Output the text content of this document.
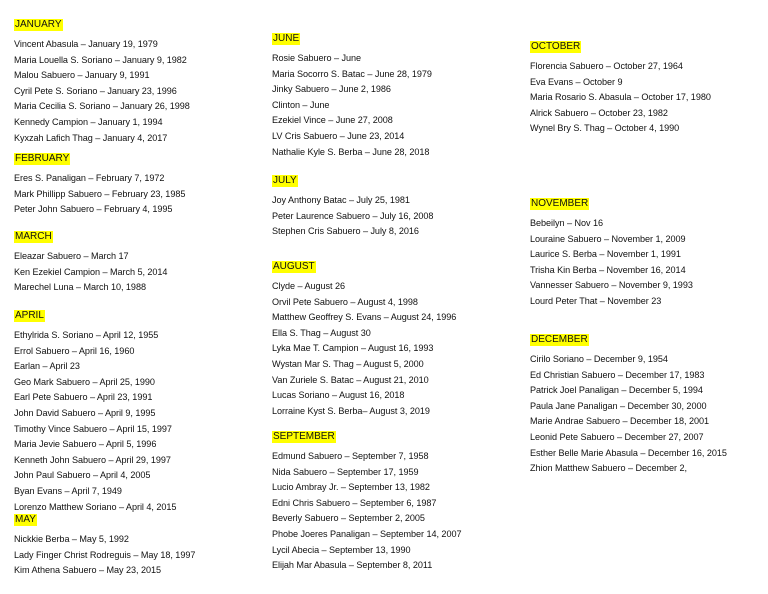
JANUARY
Vincent Abasula – January 19, 1979
Maria Louella S. Soriano – January 9, 1982
Malou Sabuero – January 9, 1991
Cyril Pete S. Soriano – January 23, 1996
Maria Cecilia S. Soriano – January 26, 1998
Kennedy Campion – January 1, 1994
Kyxzah Lafich Thag – January 4, 2017
FEBRUARY
Eres S. Panaligan – February 7, 1972
Mark Phillipp Sabuero – February 23, 1985
Peter John Sabuero – February 4, 1995
MARCH
Eleazar Sabuero – March 17
Ken Ezekiel Campion – March 5, 2014
Marechel Luna – March 10, 1988
APRIL
Ethylrida S. Soriano – April 12, 1955
Errol Sabuero – April 16, 1960
Earlan – April 23
Geo Mark Sabuero – April 25, 1990
Earl Pete Sabuero – April 23, 1991
John David Sabuero – April 9, 1995
Timothy Vince Sabuero – April 15, 1997
Maria Jevie Sabuero – April 5, 1996
Kenneth John Sabuero – April 29, 1997
John Paul Sabuero – April 4, 2005
Byan Evans – April 7, 1949
Lorenzo Matthew Soriano – April 4, 2015
MAY
Nickkie Berba – May 5, 1992
Lady Finger Christ Rodreguis – May 18, 1997
Kim Athena Sabuero – May 23, 2015
JUNE
Rosie Sabuero – June
Maria Socorro S. Batac – June 28, 1979
Jinky Sabuero – June 2, 1986
Clinton – June
Ezekiel Vince – June 27, 2008
LV Cris Sabuero – June 23, 2014
Nathalie Kyle S. Berba – June 28, 2018
JULY
Joy Anthony Batac – July 25, 1981
Peter Laurence Sabuero – July 16, 2008
Stephen Cris Sabuero – July 8, 2016
AUGUST
Clyde – August 26
Orvil Pete Sabuero – August 4, 1998
Matthew Geoffrey S. Evans – August 24, 1996
Ella S. Thag – August 30
Lyka Mae T. Campion – August 16, 1993
Wystan Mar S. Thag – August 5, 2000
Van Zuriele S. Batac – August 21, 2010
Lucas Soriano – August 16, 2018
Lorraine Kyst S. Berba– August 3, 2019
SEPTEMBER
Edmund Sabuero – September 7, 1958
Nida Sabuero – September 17, 1959
Lucio Ambray Jr. – September 13, 1982
Edni Chris Sabuero – September 6, 1987
Beverly Sabuero – September 2, 2005
Phobe Joeres Panaligan – September 14, 2007
Lycil Abecia – September 13, 1990
Elijah Mar Abasula – September 8, 2011
OCTOBER
Florencia Sabuero – October 27, 1964
Eva Evans – October 9
Maria Rosario S. Abasula – October 17, 1980
Alrick Sabuero – October 23, 1982
Wynel Bry S. Thag – October 4, 1990
NOVEMBER
Bebeilyn – Nov 16
Louraine Sabuero – November 1, 2009
Laurice S. Berba – November 1, 1991
Trisha Kin Berba – November 16, 2014
Vannesser Sabuero – November 9, 1993
Lourd Peter That – November 23
DECEMBER
Cirilo Soriano – December 9, 1954
Ed Christian Sabuero – December 17, 1983
Patrick Joel Panaligan – December 5, 1994
Paula Jane Panaligan – December 30, 2000
Marie Andrae Sabuero – December 18, 2001
Leonid Pete Sabuero – December 27, 2007
Esther Belle Marie Abasula – December 16, 2015
Zhion Matthew Sabuero – December 2,
